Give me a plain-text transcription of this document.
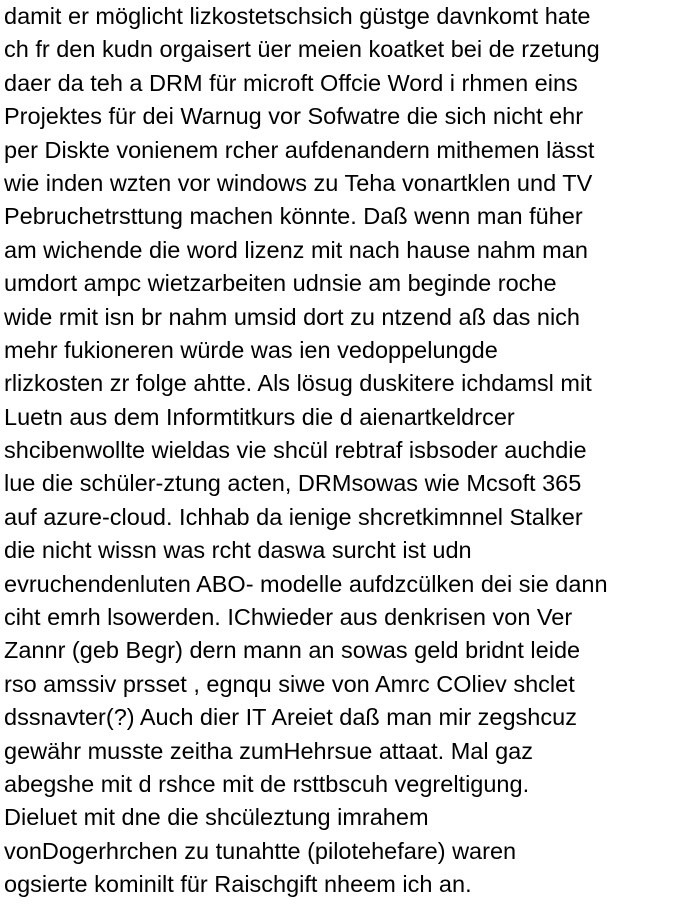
damit er möglicht lizkostetschsich güstge davnkomt hate
ch fr den kudn orgaisert üer meien koatket bei de rzetung
daer da teh a DRM für microft Offcie Word i rhmen eins
Projektes für dei Warnug vor Sofwatre die sich nicht ehr
per Diskte vonienem rcher aufdenandern mithemen lässt
wie inden wzten vor windows zu Teha vonartklen und TV
Pebruchetrsttung machen könnte. Daß wenn man füher
am wichende die word lizenz mit nach hause nahm man
umdort ampc wietzarbeiten udnsie am beginde roche
wide rmit isn br nahm umsid dort zu ntzend aß das nich
mehr fukioneren würde was ien vedoppelungde
rlizkosten zr folge ahtte. Als lösug duskitere ichdamsl mit
Luetn aus dem Informtitkurs die d aienartkeldrcer
shcibenwollte wieldas vie shcül rebtraf isbsoder auchdie
lue die schüler-ztung acten, DRMsowas wie Mcsoft 365
auf azure-cloud. Ichhab da ienige shcretkimnnel Stalker
die nicht wissn was rcht daswa surcht ist udn
evruchendenluten ABO- modelle aufdzcülken dei sie dann
ciht emrh lsowerden. IChwieder aus denkrisen von Ver
Zannr (geb Begr) dern mann an sowas geld bridnt leide
rso amssiv prsset , egnqu siwe von Amrc COliev shclet
dssnavter(?) Auch dier IT Areiet daß man mir zegshcuz
gewähr musste zeitha zumHehrsue attaat. Mal gaz
abegshe mit d rshce mit de rsttbscuh vegreltigung.
Dieluet mit dne die shcüleztung imrahem
vonDogerhrchen zu tunahtte (pilotehefare) waren
ogsierte kominilt für Raischgift nheem ich an.
